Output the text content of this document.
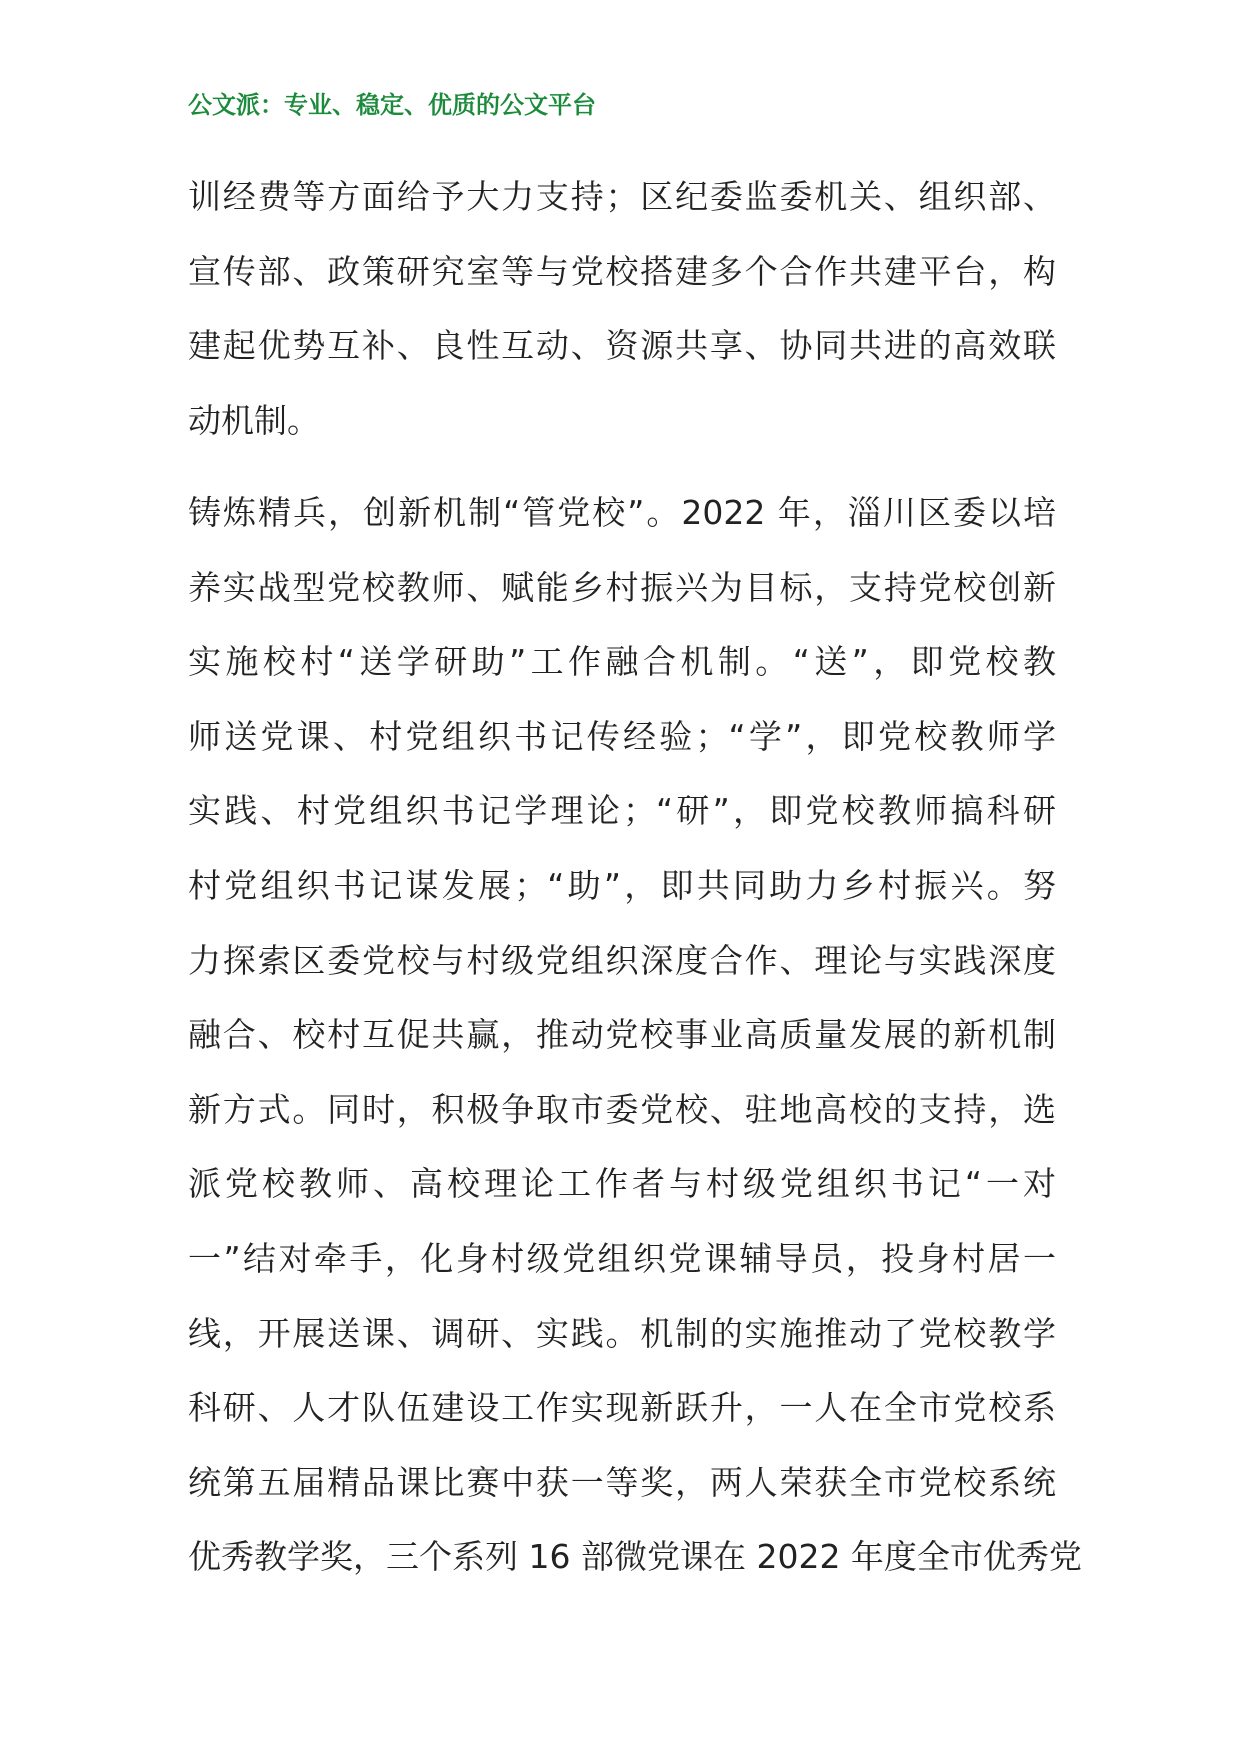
公文派：专业、稳定、优质的公文平台
训经费等方面给予大力支持；区纪委监委机关、组织部、
宣传部、政策研究室等与党校搭建多个合作共建平台，构
建起优势互补、良性互动、资源共享、协同共进的高效联
动机制。
铸炼精兵，创新机制“管党校”。2022 年，淄川区委以培
养实战型党校教师、赋能乡村振兴为目标，支持党校创新
实施校村“送学研助”工作融合机制。“送”，即党校教
师送党课、村党组织书记传经验；“学”，即党校教师学
实践、村党组织书记学理论；“研”，即党校教师搞科研
村党组织书记谋发展；“助”，即共同助力乡村振兴。努
力探索区委党校与村级党组织深度合作、理论与实践深度
融合、校村互促共赢，推动党校事业高质量发展的新机制
新方式。同时，积极争取市委党校、驻地高校的支持，选
派党校教师、高校理论工作者与村级党组织书记“一对
一”结对牵手，化身村级党组织党课辅导员，投身村居一
线，开展送课、调研、实践。机制的实施推动了党校教学
科研、人才队伍建设工作实现新跃升，一人在全市党校系
统第五届精品课比赛中获一等奖，两人荣获全市党校系统
优秀教学奖，三个系列 16 部微党课在 2022 年度全市优秀党
